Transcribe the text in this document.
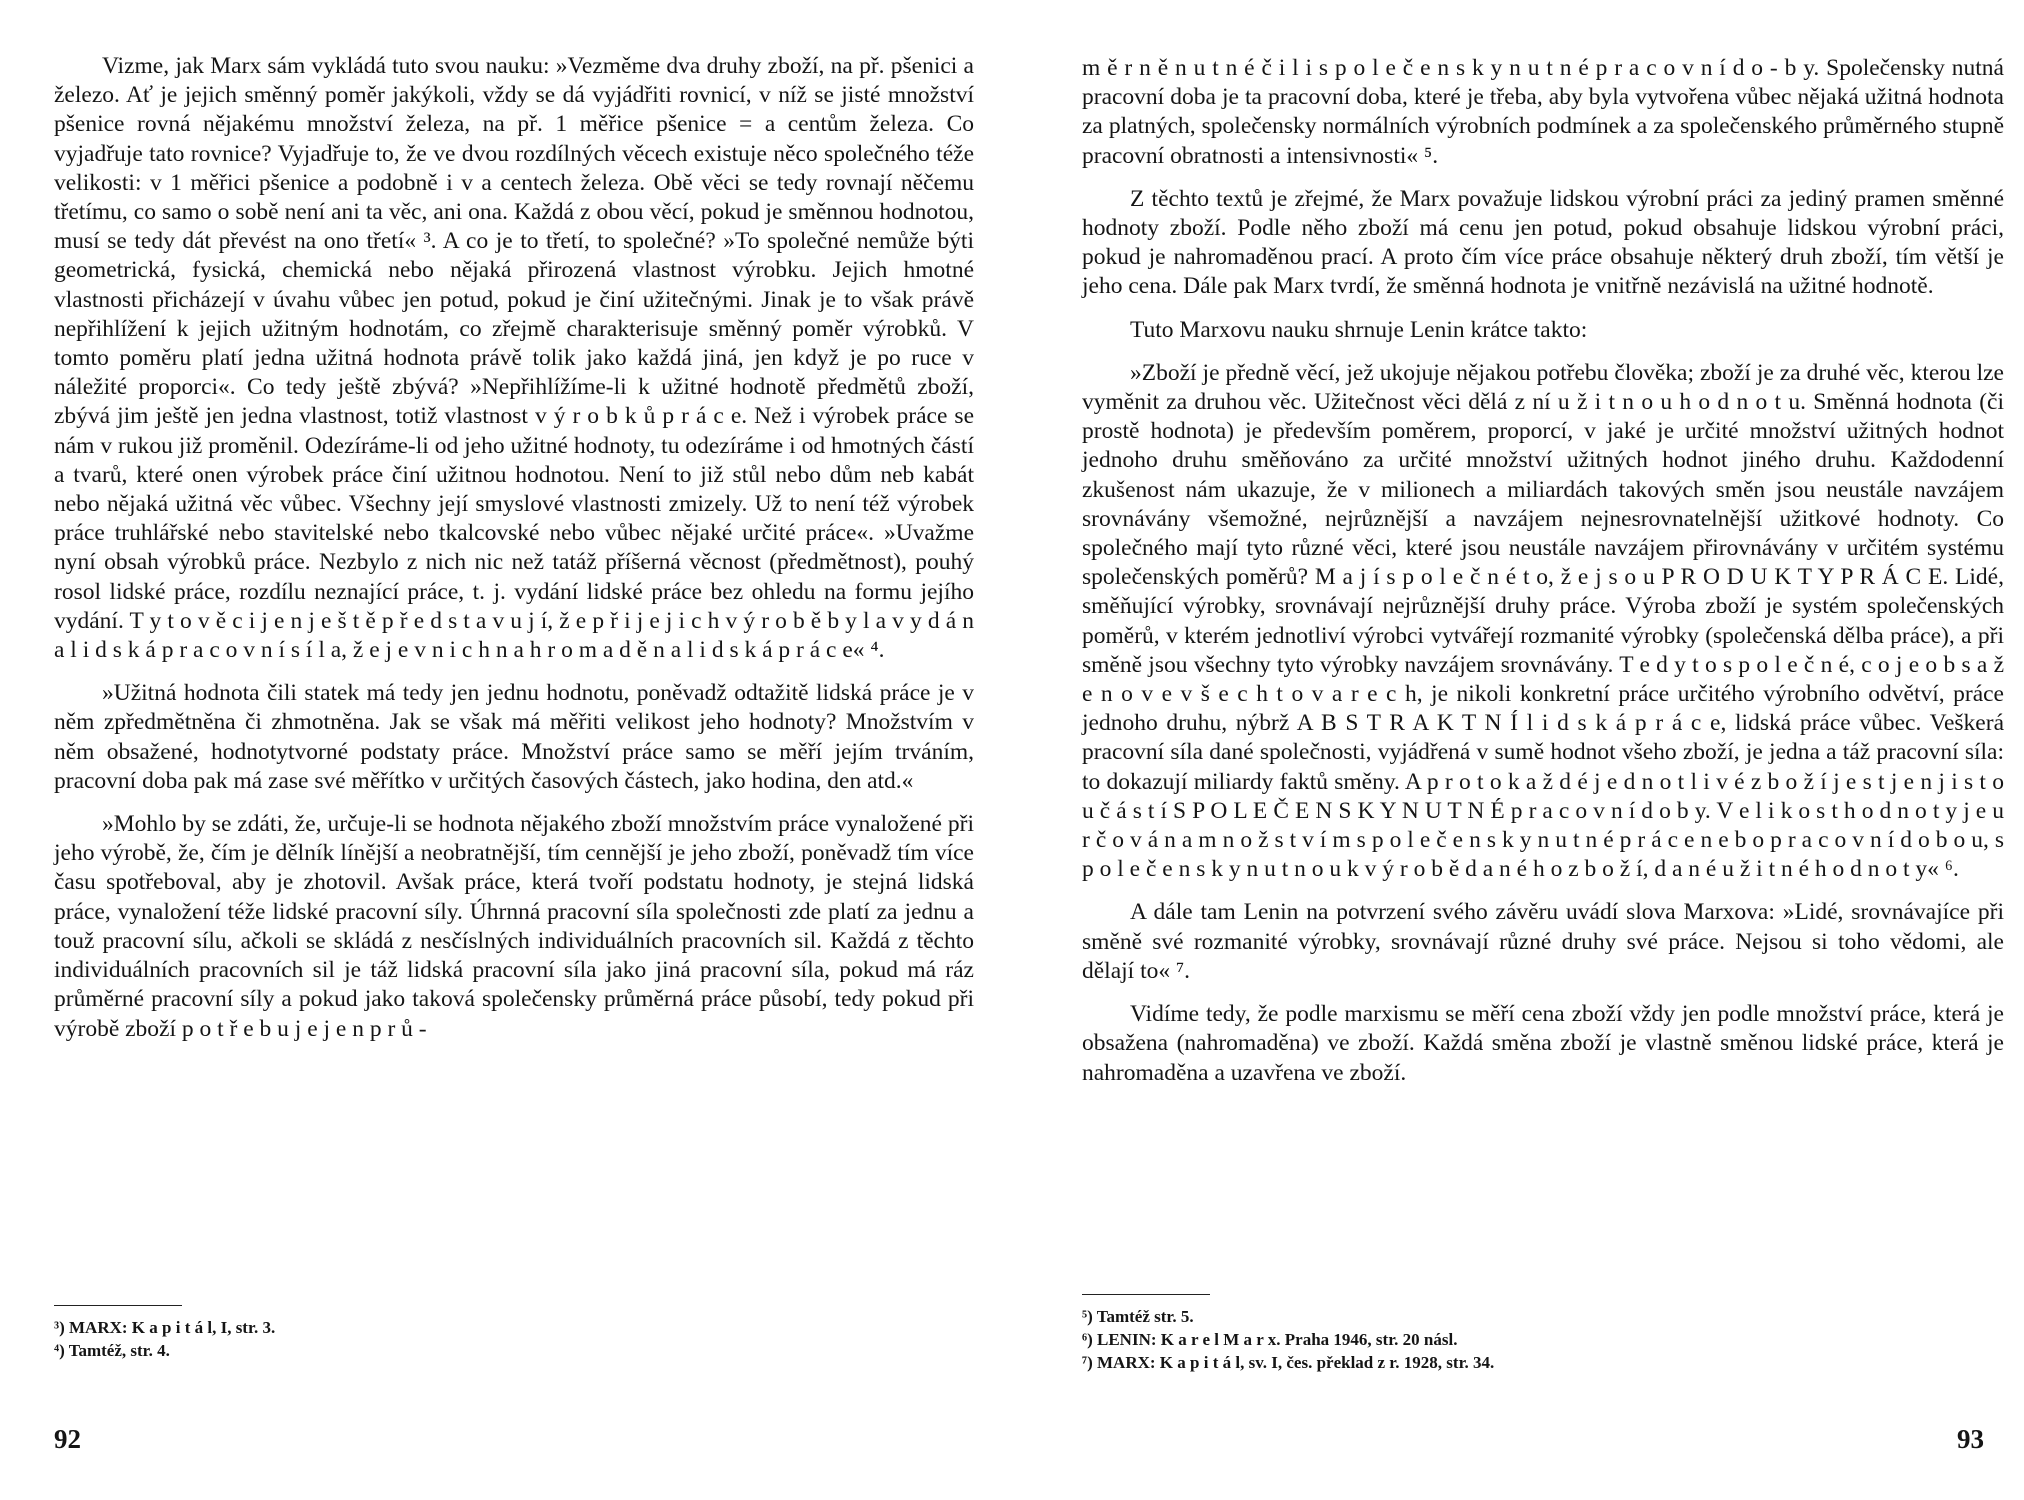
Vizme, jak Marx sám vykládá tuto svou nauku: »Vezměme dva druhy zboží, na př. pšenici a železo. Ať je jejich směnný poměr jakýkoli, vždy se dá vyjádřiti rovnicí, v níž se jisté množství pšenice rovná nějakému množství železa, na př. 1 měřice pšenice = a centům železa. Co vyjadřuje tato rovnice? Vyjadřuje to, že ve dvou rozdílných věcech existuje něco společného téže velikosti: v 1 měřici pšenice a podobně i v a centech železa. Obě věci se tedy rovnají něčemu třetímu, co samo o sobě není ani ta věc, ani ona. Každá z obou věcí, pokud je směnnou hodnotou, musí se tedy dát převést na ono třetí« ³. A co je to třetí, to společné? »To společné nemůže býti geometrická, fysická, chemická nebo nějaká přirozená vlastnost výrobku. Jejich hmotné vlastnosti přicházejí v úvahu vůbec jen potud, pokud je činí užitečnými. Jinak je to však právě nepřihlížení k jejich užitným hodnotám, co zřejmě charakterisuje směnný poměr výrobků. V tomto poměru platí jedna užitná hodnota právě tolik jako každá jiná, jen když je po ruce v náležité proporci«. Co tedy ještě zbývá? »Nepřihlížíme-li k užitné hodnotě předmětů zboží, zbývá jim ještě jen jedna vlastnost, totiž vlastnost v ý r o b k ů p r á c e. Než i výrobek práce se nám v rukou již proměnil. Odezíráme-li od jeho užitné hodnoty, tu odezíráme i od hmotných částí a tvarů, které onen výrobek práce činí užitnou hodnotou. Není to již stůl nebo dům neb kabát nebo nějaká užitná věc vůbec. Všechny její smyslové vlastnosti zmizely. Už to není též výrobek práce truhlářské nebo stavitelské nebo tkalcovské nebo vůbec nějaké určité práce«. »Uvažme nyní obsah výrobků práce. Nezbylo z nich nic než tatáž příšerná věcnost (předmětnost), pouhý rosol lidské práce, rozdílu neznající práce, t. j. vydání lidské práce bez ohledu na formu jejího vydání. T y t o v ě c i j e n j e š t ě p ř e d s t a v u j í, ž e p ř i j e j i c h v ý r o b ě b y l a v y d á n a l i d s k á p r a c o v n í s í l a, ž e j e v n i c h n a h r o m a d ě n a l i d s k á p r á c e« ⁴.

»Užitná hodnota čili statek má tedy jen jednu hodnotu, poněvadž odtažitě lidská práce je v něm zpředmětněna či zhmotněna. Jak se však má měřiti velikost jeho hodnoty? Množstvím v něm obsažené, hodnotytvorné podstaty práce. Množství práce samo se měří jejím trváním, pracovní doba pak má zase své měřítko v určitých časových částech, jako hodina, den atd.«

»Mohlo by se zdáti, že, určuje-li se hodnota nějakého zboží množstvím práce vynaložené při jeho výrobě, že, čím je dělník línější a neobratnější, tím cennější je jeho zboží, poněvadž tím více času spotřeboval, aby je zhotovil. Avšak práce, která tvoří podstatu hodnoty, je stejná lidská práce, vynaložení téže lidské pracovní síly. Úhrnná pracovní síla společnosti zde platí za jednu a touž pracovní sílu, ačkoli se skládá z nesčíslných individuálních pracovních sil. Každá z těchto individuálních pracovních sil je táž lidská pracovní síla jako jiná pracovní síla, pokud má ráz průměrné pracovní síly a pokud jako taková společensky průměrná práce působí, tedy pokud při výrobě zboží p o t ř e b u j e j e n p r ů -

³) MARX: K a p i t á l, I, str. 3.

⁴) Tamtéž, str. 4.

92

m ě r n ě n u t n é č i l i s p o l e č e n s k y n u t n é p r a c o v n í d o - b y. Společensky nutná pracovní doba je ta pracovní doba, které je třeba, aby byla vytvořena vůbec nějaká užitná hodnota za platných, společensky normálních výrobních podmínek a za společenského průměrného stupně pracovní obratnosti a intensivnosti« ⁵.

Z těchto textů je zřejmé, že Marx považuje lidskou výrobní práci za jediný pramen směnné hodnoty zboží. Podle něho zboží má cenu jen potud, pokud obsahuje lidskou výrobní práci, pokud je nahromaděnou prací. A proto čím více práce obsahuje některý druh zboží, tím větší je jeho cena. Dále pak Marx tvrdí, že směnná hodnota je vnitřně nezávislá na užitné hodnotě.

Tuto Marxovu nauku shrnuje Lenin krátce takto:

»Zboží je předně věcí, jež ukojuje nějakou potřebu člověka; zboží je za druhé věc, kterou lze vyměnit za druhou věc. Užitečnost věci dělá z ní u ž i t n o u h o d n o t u. Směnná hodnota (či prostě hodnota) je především poměrem, proporcí, v jaké je určité množství užitných hodnot jednoho druhu směňováno za určité množství užitných hodnot jiného druhu. Každodenní zkušenost nám ukazuje, že v milionech a miliardách takových směn jsou neustále navzájem srovnávány všemožné, nejrůznější a navzájem nejnesrovnatelnější užitkové hodnoty. Co společného mají tyto různé věci, které jsou neustále navzájem přirovnávány v určitém systému společenských poměrů? M a j í s p o l e č n é t o, ž e j s o u P R O D U K T Y P R Á C E. Lidé, směňující výrobky, srovnávají nejrůznější druhy práce. Výroba zboží je systém společenských poměrů, v kterém jednotliví výrobci vytvářejí rozmanité výrobky (společenská dělba práce), a při směně jsou všechny tyto výrobky navzájem srovnávány. T e d y t o s p o l e č n é, c o j e o b s a ž e n o v e v š e c h t o v a r e c h, je nikoli konkretní práce určitého výrobního odvětví, práce jednoho druhu, nýbrž A B S T R A K T N Í l i d s k á p r á c e, lidská práce vůbec. Veškerá pracovní síla dané společnosti, vyjádřená v sumě hodnot všeho zboží, je jedna a táž pracovní síla: to dokazují miliardy faktů směny. A p r o t o k a ž d é j e d n o t l i v é z b o ž í j e s t j e n j i s t o u č á s t í S P O L E Č E N S K Y N U T N É p r a c o v n í d o b y. V e l i k o s t h o d n o t y j e u r č o v á n a m n o ž s t v í m s p o l e č e n s k y n u t n é p r á c e n e b o p r a c o v n í d o b o u, s p o l e č e n s k y n u t n o u k v ý r o b ě d a n é h o z b o ž í, d a n é u ž i t n é h o d n o t y« ⁶.

A dále tam Lenin na potvrzení svého závěru uvádí slova Marxova: »Lidé, srovnávajíce při směně své rozmanité výrobky, srovnávají různé druhy své práce. Nejsou si toho vědomi, ale dělají to« ⁷.

Vidíme tedy, že podle marxismu se měří cena zboží vždy jen podle množství práce, která je obsažena (nahromaděna) ve zboží. Každá směna zboží je vlastně směnou lidské práce, která je nahromaděna a uzavřena ve zboží.

⁵) Tamtéž str. 5.

⁶) LENIN: K a r e l M a r x. Praha 1946, str. 20 násl.

⁷) MARX: K a p i t á l, sv. I, čes. překlad z r. 1928, str. 34.

93
